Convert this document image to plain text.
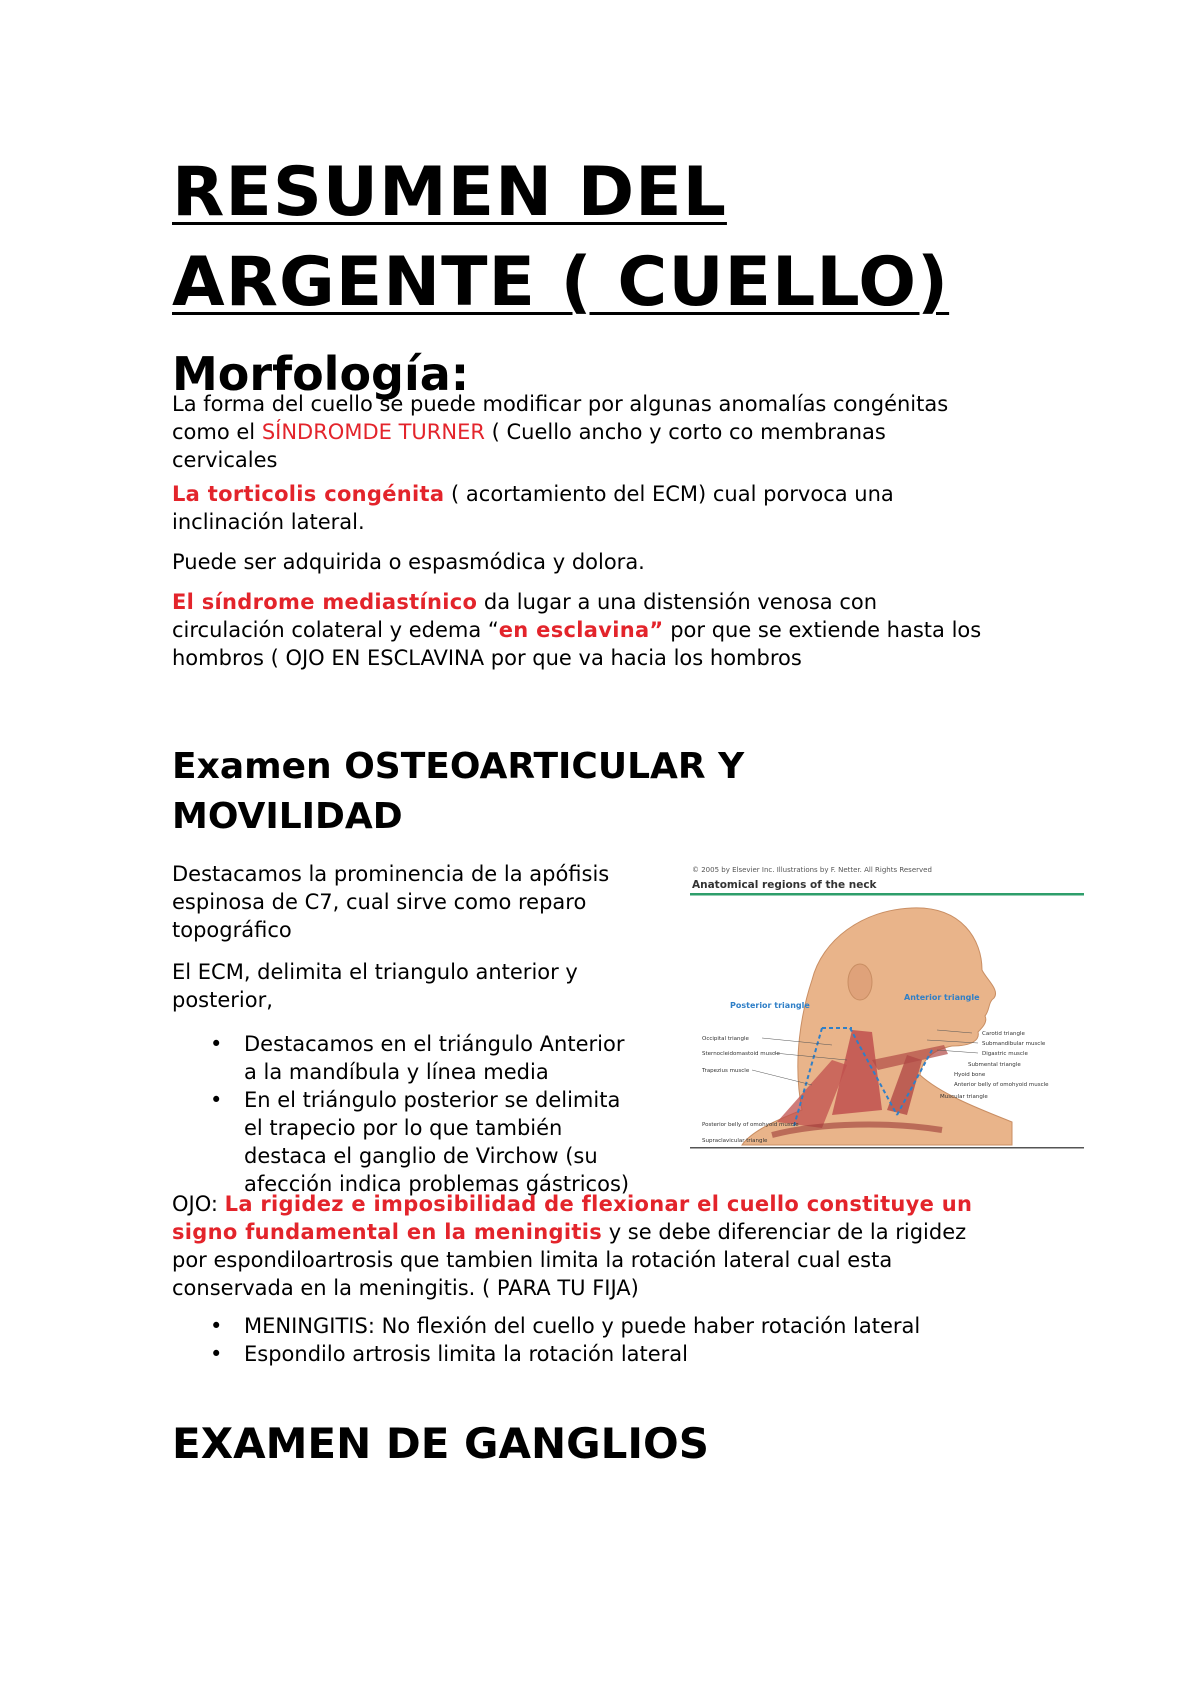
RESUMEN DEL
ARGENTE ( CUELLO)
Morfología:

La forma del cuello se puede modificar por algunas anomalías congénitas
como el SÍNDROMDE TURNER ( Cuello ancho y corto co membranas
cervicales

La torticolis congénita ( acortamiento del ECM) cual porvoca una
inclinación lateral.

Puede ser adquirida o espasmódica y dolora.

El síndrome mediastínico da lugar a una distensión venosa con
circulación colateral y edema “en esclavina” por que se extiende hasta los
hombros ( OJO EN ESCLAVINA por que va hacia los hombros

Examen OSTEOARTICULAR Y
MOVILIDAD

Destacamos la prominencia de la apófisis
espinosa de C7, cual sirve como reparo
topográfico

El ECM, delimita el triangulo anterior y
posterior,

• Destacamos en el triángulo Anterior
a la mandíbula y línea media
• En el triángulo posterior se delimita
el trapecio por lo que también
destaca el ganglio de Virchow (su
afección indica problemas gástricos)
© 2005 by Elsevier Inc. Illustrations by F. Netter. All Rights Reserved
Anatomical regions of the neck
Posterior triangle
Anterior triangle
Occipital triangle
Sternocleidomastoid muscle
Trapezius muscle
Posterior belly of omohyoid muscle
Supraclavicular triangle
Carotid triangle
Submandibular muscle
Digastric muscle
Submental triangle
Hyoid bone
Anterior belly of omohyoid muscle
Muscular triangle

OJO: La rigidez e imposibilidad de flexionar el cuello constituye un
signo fundamental en la meningitis y se debe diferenciar de la rigidez
por espondiloartrosis que tambien limita la rotación lateral cual esta
conservada en la meningitis. ( PARA TU FIJA)

• MENINGITIS: No flexión del cuello y puede haber rotación lateral
• Espondilo artrosis limita la rotación lateral
EXAMEN DE GANGLIOS
